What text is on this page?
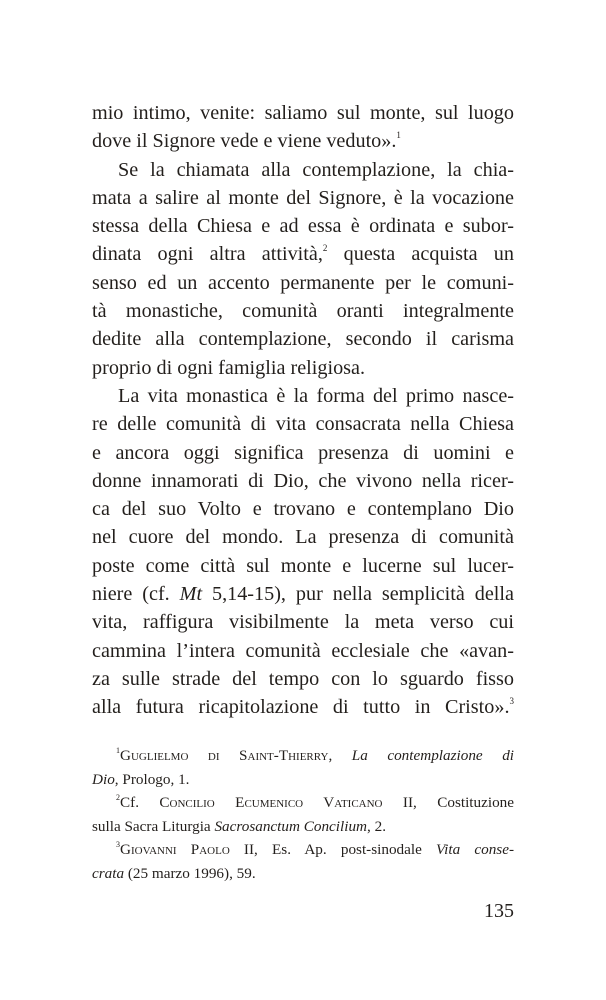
mio intimo, venite: saliamo sul monte, sul luogo
dove il Signore vede e viene veduto».$^1$
Se la chiamata alla contemplazione, la chia-
mata a salire al monte del Signore, è la vocazione
stessa della Chiesa e ad essa è ordinata e subor-
dinata ogni altra attività,$^2$ questa acquista un
senso ed un accento permanente per le comuni-
tà monastiche, comunità oranti integralmente
dedite alla contemplazione, secondo il carisma
proprio di ogni famiglia religiosa.
La vita monastica è la forma del primo nasce-
re delle comunità di vita consacrata nella Chiesa
e ancora oggi significa presenza di uomini e
donne innamorati di Dio, che vivono nella ricer-
ca del suo Volto e trovano e contemplano Dio
nel cuore del mondo. La presenza di comunità
poste come città sul monte e lucerne sul lucer-
niere (cf. Mt 5,14-15), pur nella semplicità della
vita, raffigura visibilmente la meta verso cui
cammina l’intera comunità ecclesiale che «avan-
za sulle strade del tempo con lo sguardo fisso
alla futura ricapitolazione di tutto in Cristo».$^3$
$^1$Guglielmo di Saint-Thierry, La contemplazione di
Dio, Prologo, 1.
$^2$Cf. Concilio Ecumenico Vaticano II, Costituzione
sulla Sacra Liturgia Sacrosanctum Concilium, 2.
$^3$Giovanni Paolo II, Es. Ap. post-sinodale Vita conse-
crata (25 marzo 1996), 59.
135
